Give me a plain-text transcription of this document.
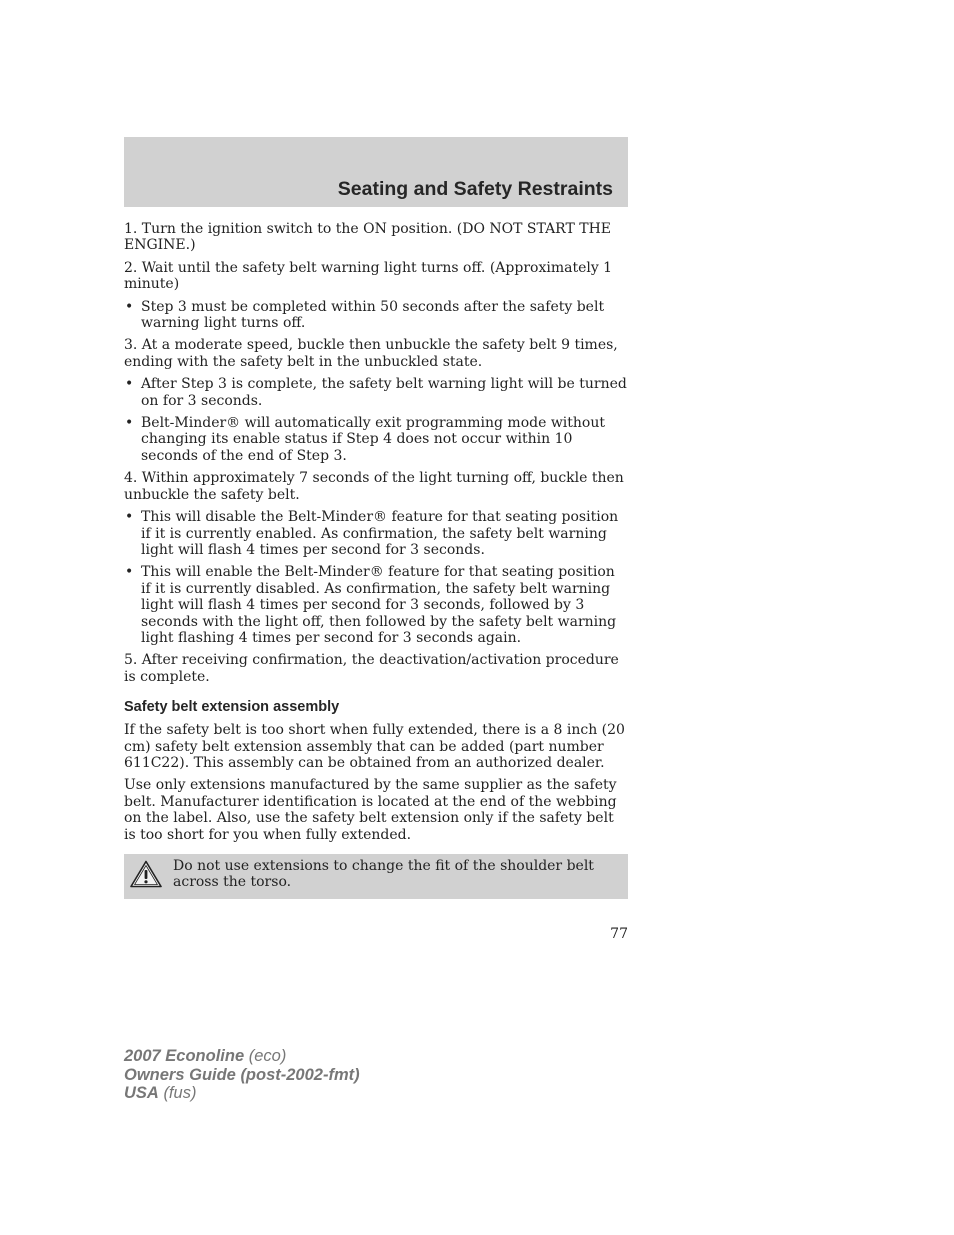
Seating and Safety Restraints

1. Turn the ignition switch to the ON position. (DO NOT START THE ENGINE.)

2. Wait until the safety belt warning light turns off. (Approximately 1 minute)

• Step 3 must be completed within 50 seconds after the safety belt warning light turns off.

3. At a moderate speed, buckle then unbuckle the safety belt 9 times, ending with the safety belt in the unbuckled state.

• After Step 3 is complete, the safety belt warning light will be turned on for 3 seconds.
• Belt-Minder® will automatically exit programming mode without changing its enable status if Step 4 does not occur within 10 seconds of the end of Step 3.

4. Within approximately 7 seconds of the light turning off, buckle then unbuckle the safety belt.

• This will disable the Belt-Minder® feature for that seating position if it is currently enabled. As confirmation, the safety belt warning light will flash 4 times per second for 3 seconds.
• This will enable the Belt-Minder® feature for that seating position if it is currently disabled. As confirmation, the safety belt warning light will flash 4 times per second for 3 seconds, followed by 3 seconds with the light off, then followed by the safety belt warning light flashing 4 times per second for 3 seconds again.

5. After receiving confirmation, the deactivation/activation procedure is complete.

Safety belt extension assembly

If the safety belt is too short when fully extended, there is a 8 inch (20 cm) safety belt extension assembly that can be added (part number 611C22). This assembly can be obtained from an authorized dealer.

Use only extensions manufactured by the same supplier as the safety belt. Manufacturer identification is located at the end of the webbing on the label. Also, use the safety belt extension only if the safety belt is too short for you when fully extended.

Do not use extensions to change the fit of the shoulder belt across the torso.

77
2007 Econoline (eco)
Owners Guide (post-2002-fmt)
USA (fus)
